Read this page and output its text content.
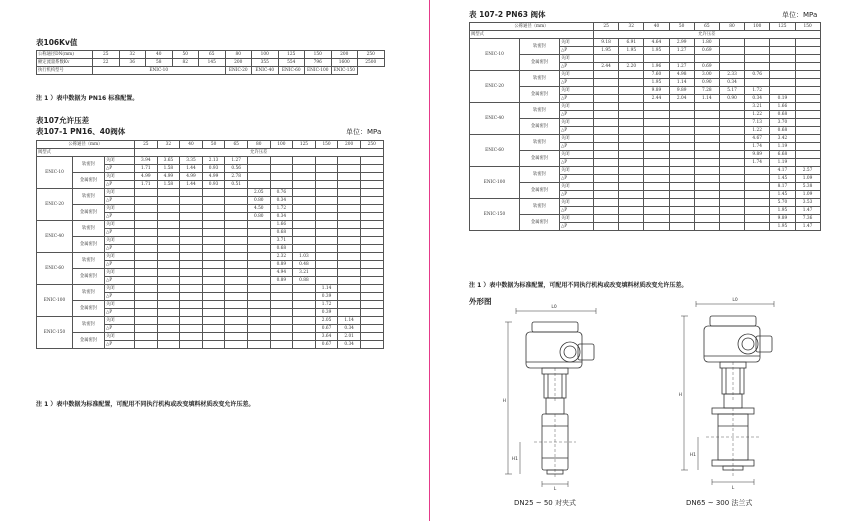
表106Kv值
公称通径DN(mm)	25	32	40	50	65	80	100	125	150	200	250
额定流量系数Kv	22	36	58	82	145	200	355	554	796	1600	2500
执行机构型号	ENIC-10					ENIC-20	ENIC-40	ENIC-60	ENIC-100	ENIC-150	
注 1 ）表中数据为 PN16 标准配置。
表107允许压差
表107-1 PN16、40阀体	单位：MPa
公称通径（mm）			25	32	40	50	65	80	100	125	150	200	250
阀型式			允许压差										
ENIC-10	软密封	关闭	3.94	3.65	3.35	2.13	1.27						
		△P	1.71	1.58	1.44	0.93	0.56						
	金属密封	关闭	4.99	4.99	4.99	4.99	2.78						
		△P	1.71	1.58	1.44	0.93	0.51						
ENIC-20	软密封	关闭						2.05	0.76				
		△P						0.80	0.34				
	金属密封	关闭						4.50	1.72				
		△P						0.80	0.34				
ENIC-40	软密封	关闭							1.66				
		△P							0.68				
	金属密封	关闭							3.71				
		△P							0.68				
ENIC-60	软密封	关闭							2.32	1.03			
		△P							0.89	0.48			
	金属密封	关闭							4.94	3.21			
		△P							0.89	0.88			
ENIC-100	软密封	关闭									1.14		
		△P									0.39		
	金属密封	关闭									1.72		
		△P									0.39		
ENIC-150	软密封	关闭									2.05	1.14	
		△P									0.67	0.34	
	金属密封	关闭									3.64	2.01	
		△P									0.67	0.34	
注 1 ）表中数据为标准配置，可配用不同执行机构或改变填料材质改变允许压差。
表 107-2 PN63 阀体	单位：MPa
公称通径（mm）			25	32	40	50	65	80	100	125	150
阀型式			允许压差								
ENIC-10	软密封	关闭	9.18	6.91	4.64	2.99	1.80				
		△P	1.95	1.95	1.95	1.27	0.69				
	金属密封	关闭									
		△P	2.44	2.20	1.96	1.27	0.69				
ENIC-20	软密封	关闭			7.60	4.98	3.00	2.33	0.76		
		△P			1.95	1.14	0.90	0.34			
	金属密封	关闭			9.89	9.89	7.28	5.17	1.72		
		△P			2.44	2.04	1.14	0.90	0.34	0.19	
ENIC-40	软密封	关闭							3.21	1.66	
		△P							1.22	0.68	
	金属密封	关闭							7.13	3.70	
		△P							1.22	0.68	
ENIC-60	软密封	关闭							4.67	3.42	
		△P							1.74	1.19	
	金属密封	关闭							9.89	6.68	
		△P							1.74	1.19	
ENIC-100	软密封	关闭								4.17	2.57
		△P								1.45	1.09
	金属密封	关闭								8.17	5.38
		△P								1.45	1.09
ENIC-150	软密封	关闭								5.70	3.53
		△P								1.95	1.47
	金属密封	关闭								9.89	7.36
		△P								1.95	1.47
注 1 ）表中数据为标准配置，可配用不同执行机构或改变填料材质改变允许压差。
外形图
L0
H
H1
L
DN25 ~ 50 对夹式
L0
H
H1
L
DN65 ~ 300 法兰式
